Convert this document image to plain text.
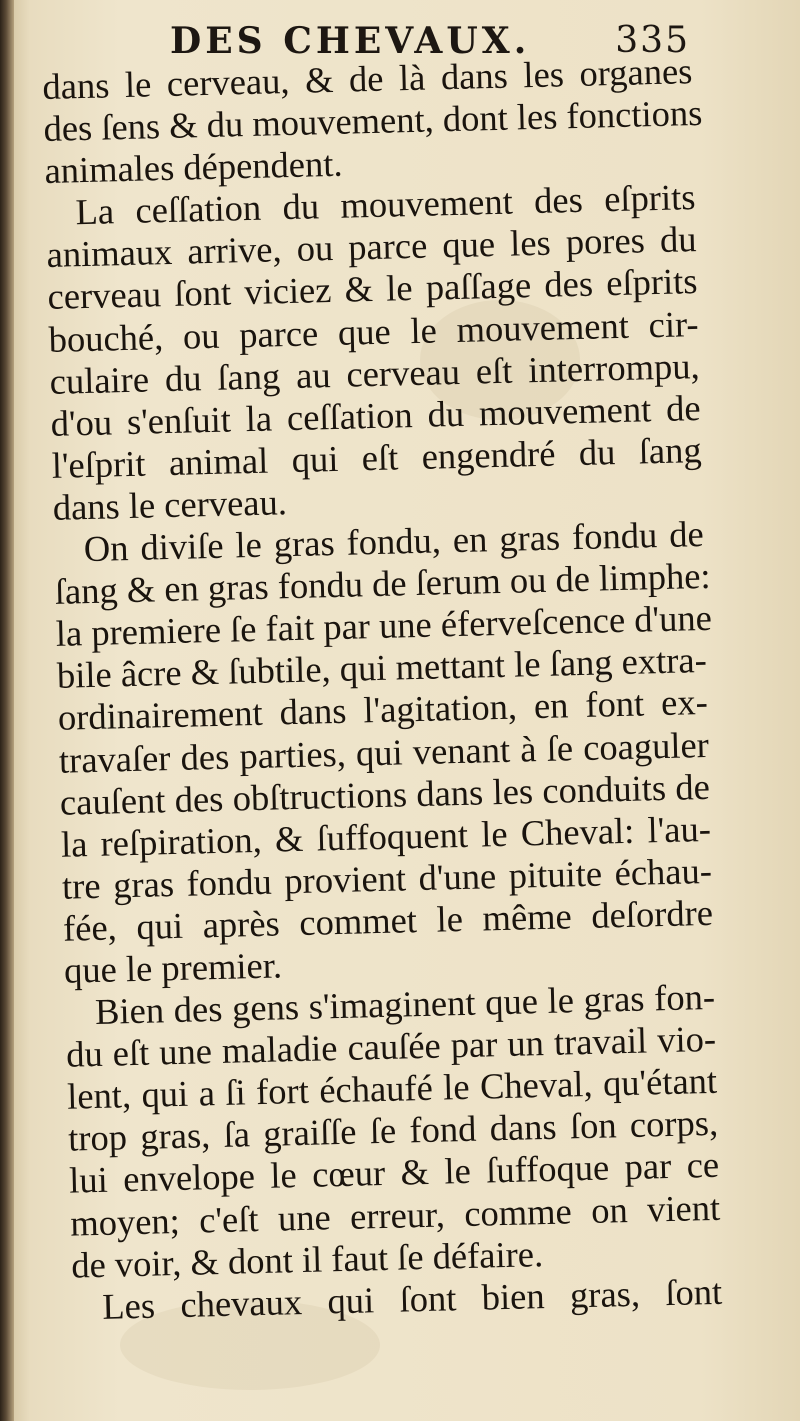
DES CHEVAUX. 335
dans le cerveau, & de là dans les organes
des ſens & du mouvement, dont les fonctions
animales dépendent.
La ceſſation du mouvement des eſprits
animaux arrive, ou parce que les pores du
cerveau ſont viciez & le paſſage des eſprits
bouché, ou parce que le mouvement cir-
culaire du ſang au cerveau eſt interrompu,
d'ou s'enſuit la ceſſation du mouvement de
l'eſprit animal qui eſt engendré du ſang
dans le cerveau.
On diviſe le gras fondu, en gras fondu de
ſang & en gras fondu de ſerum ou de limphe:
la premiere ſe fait par une éferveſcence d'une
bile âcre & ſubtile, qui mettant le ſang extra-
ordinairement dans l'agitation, en font ex-
travaſer des parties, qui venant à ſe coaguler
cauſent des obſtructions dans les conduits de
la reſpiration, & ſuffoquent le Cheval: l'au-
tre gras fondu provient d'une pituite échau-
fée, qui après commet le même deſordre
que le premier.
Bien des gens s'imaginent que le gras fon-
du eſt une maladie cauſée par un travail vio-
lent, qui a ſi fort échaufé le Cheval, qu'étant
trop gras, ſa graiſſe ſe fond dans ſon corps,
lui envelope le cœur & le ſuffoque par ce
moyen; c'eſt une erreur, comme on vient
de voir, & dont il faut ſe défaire.
Les chevaux qui ſont bien gras, ſont
